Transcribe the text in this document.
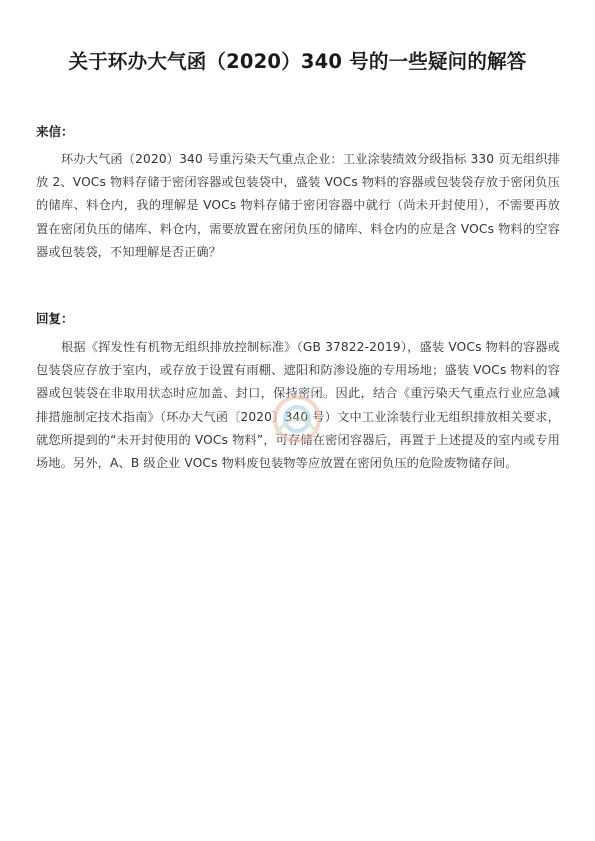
关于环办大气函（2020）340 号的一些疑问的解答
来信：
环办大气函（2020）340 号重污染天气重点企业：工业涂装绩效分级指标 330 页无组织排放 2、VOCs 物料存储于密闭容器或包装袋中，盛装 VOCs 物料的容器或包装袋存放于密闭负压的储库、料仓内，我的理解是 VOCs 物料存储于密闭容器中就行（尚未开封使用），不需要再放置在密闭负压的储库、料仓内，需要放置在密闭负压的储库、料仓内的应是含 VOCs 物料的空容器或包装袋，不知理解是否正确？
回复：
根据《挥发性有机物无组织排放控制标准》（GB 37822-2019），盛装 VOCs 物料的容器或包装袋应存放于室内，或存放于设置有雨棚、遮阳和防渗设施的专用场地；盛装 VOCs 物料的容器或包装袋在非取用状态时应加盖、封口，保持密闭。因此，结合《重污染天气重点行业应急减排措施制定技术指南》（环办大气函〔2020〕340 号）文中工业涂装行业无组织排放相关要求，就您所提到的“未开封使用的 VOCs 物料”，可存储在密闭容器后，再置于上述提及的室内或专用场地。另外，A、B 级企业 VOCs 物料废包装物等应放置在密闭负压的危险废物储存间。
